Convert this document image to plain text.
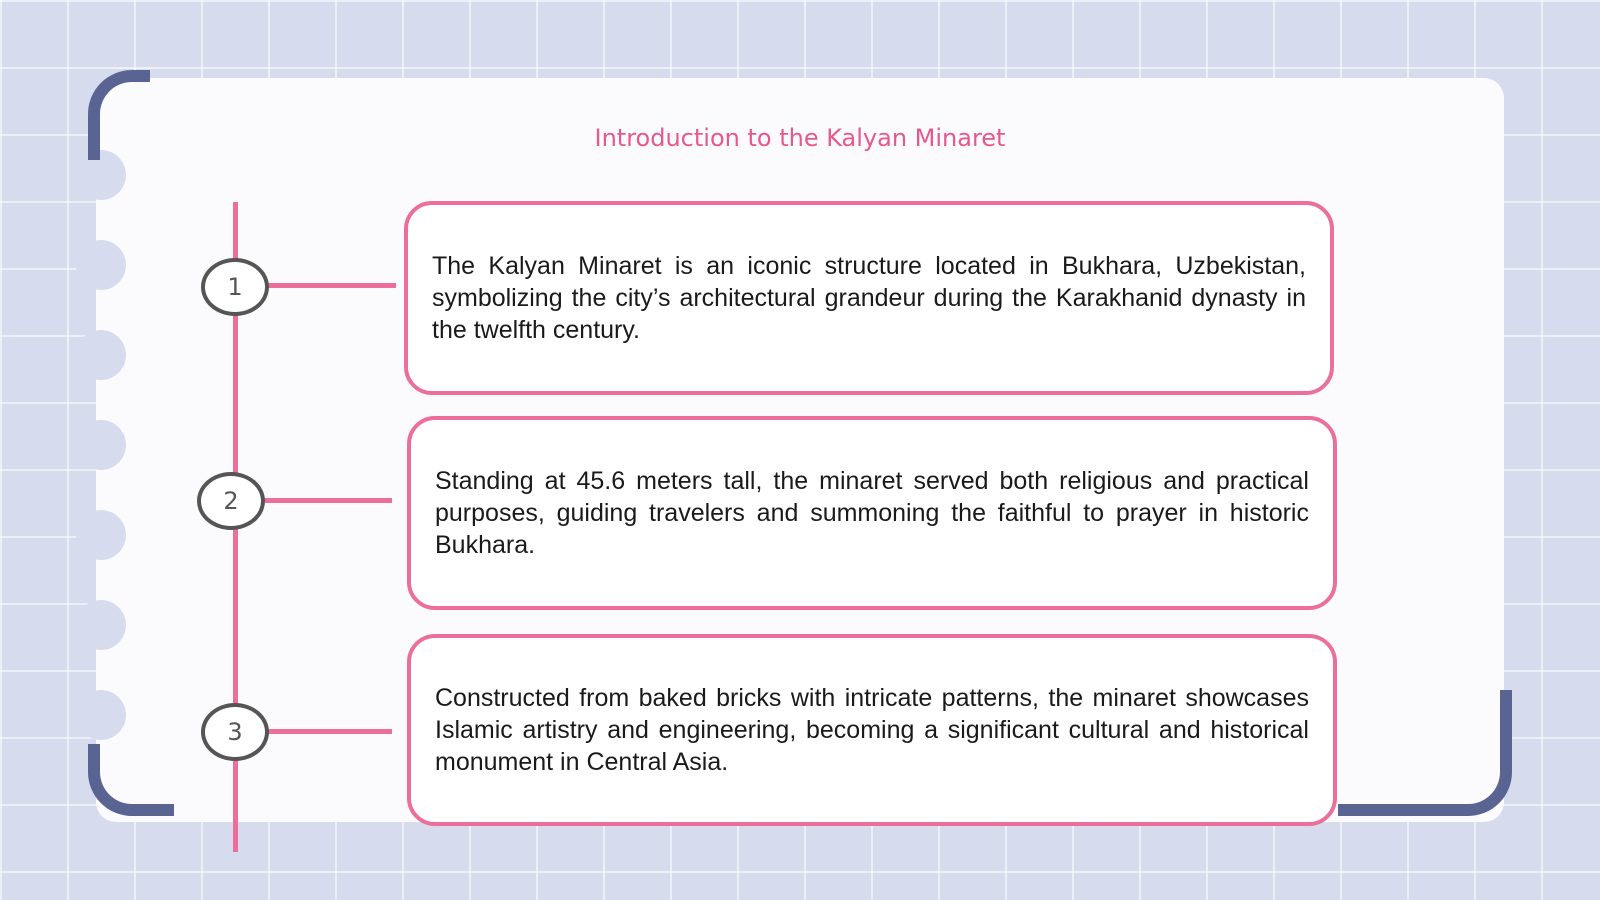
Introduction to the Kalyan Minaret
1

The Kalyan Minaret is an iconic structure located in Bukhara, Uzbekistan, symbolizing the city’s architectural grandeur during the Karakhanid dynasty in the twelfth century.

2

Standing at 45.6 meters tall, the minaret served both religious and practical purposes, guiding travelers and summoning the faithful to prayer in historic Bukhara.

3

Constructed from baked bricks with intricate patterns, the minaret showcases Islamic artistry and engineering, becoming a significant cultural and historical monument in Central Asia.
